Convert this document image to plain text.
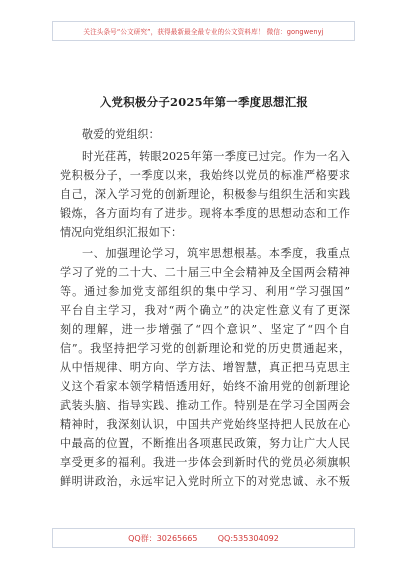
关注头条号“公文研究”，获得最新最全最专业的公文资料库！ 微信：gongwenyj
入党积极分子2025年第一季度思想汇报
敬爱的党组织：
时光荏苒，转眼2025年第一季度已过完。作为一名入
党积极分子，一季度以来，我始终以党员的标准严格要求
自己，深入学习党的创新理论，积极参与组织生活和实践
锻炼，各方面均有了进步。现将本季度的思想动态和工作
情况向党组织汇报如下：
一、加强理论学习，筑牢思想根基。本季度，我重点
学习了党的二十大、二十届三中全会精神及全国两会精神
等。通过参加党支部组织的集中学习、利用“学习强国”
平台自主学习，我对“两个确立”的决定性意义有了更深
刻的理解，进一步增强了“四个意识”、坚定了“四个自
信”。我坚持把学习党的创新理论和党的历史贯通起来，
从中悟规律、明方向、学方法、增智慧，真正把马克思主
义这个看家本领学精悟透用好，始终不渝用党的创新理论
武装头脑、指导实践、推动工作。特别是在学习全国两会
精神时，我深刻认识，中国共产党始终坚持把人民放在心
中最高的位置，不断推出各项惠民政策，努力让广大人民
享受更多的福利。我进一步体会到新时代的党员必须旗帜
鲜明讲政治，永远牢记入党时所立下的对党忠诚、永不叛
QQ群：30265665        QQ:535304092
